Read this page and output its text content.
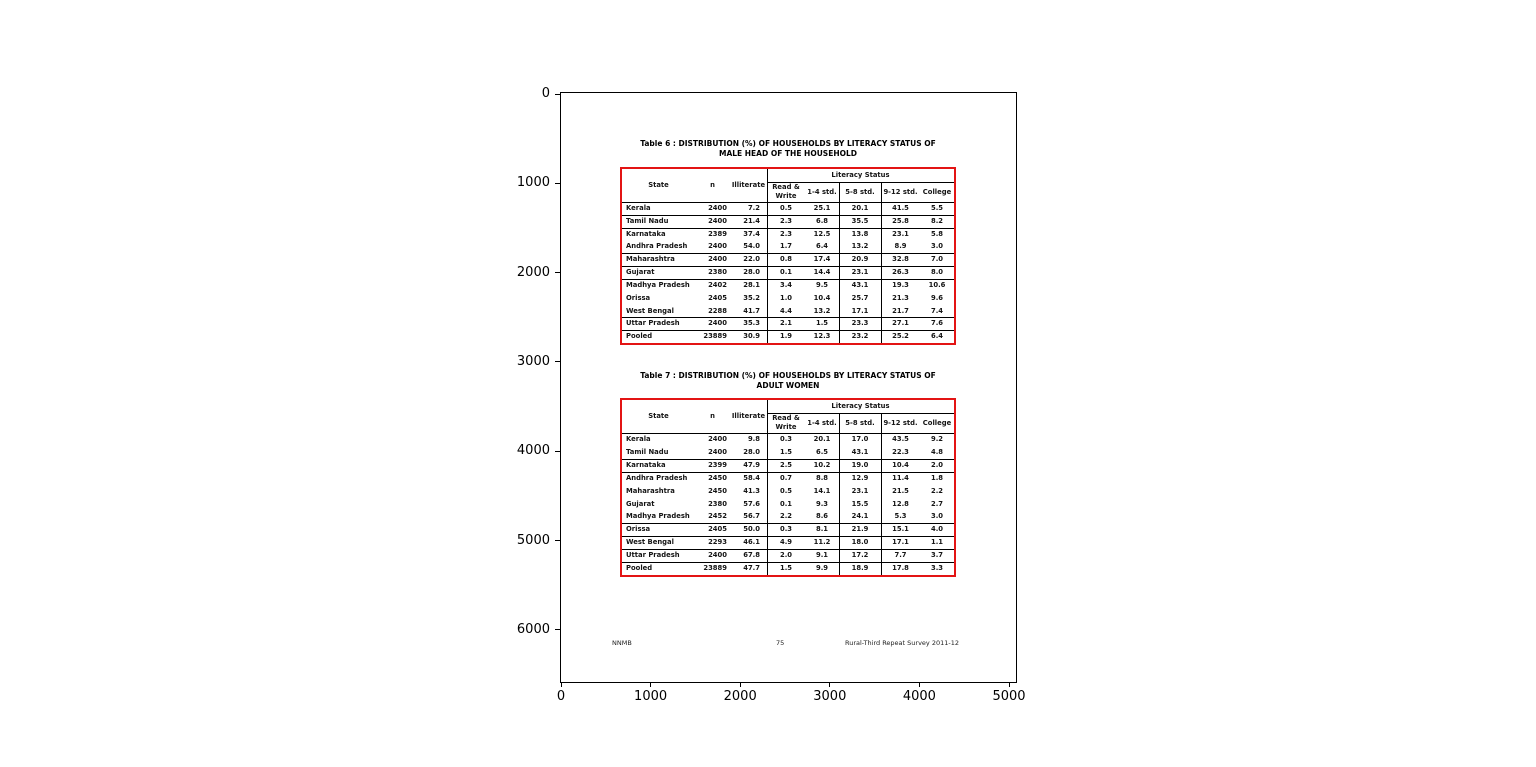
Table 6 : DISTRIBUTION (%) OF HOUSEHOLDS BY LITERACY STATUS OF
MALE HEAD OF THE HOUSEHOLD
Literacy Status
State	n	Illiterate	Read &
Write	1-4 std.	5-8 std.	9-12 std. College
Kerala	2400	7.2	0.5	25.1	20.1	41.5	5.5
Tamil Nadu	2400	21.4	2.3	6.8	35.5	25.8	8.2
Karnataka	2389	37.4	2.3	12.5	13.8	23.1	5.8
Andhra Pradesh	2400	54.0	1.7	6.4	13.2	8.9	3.0
Maharashtra	2400	22.0	0.8	17.4	20.9	32.8	7.0
Gujarat	2380	28.0	0.1	14.4	23.1	26.3	8.0
Madhya Pradesh	2402	28.1	3.4	9.5	43.1	19.3	10.6
Orissa	2405	35.2	1.0	10.4	25.7	21.3	9.6
West Bengal	2288	41.7	4.4	13.2	17.1	21.7	7.4
Uttar Pradesh	2400	35.3	2.1	1.5	23.3	27.1	7.6
Pooled	23889	30.9	1.9	12.3	23.2	25.2	6.4
Table 7 : DISTRIBUTION (%) OF HOUSEHOLDS BY LITERACY STATUS OF
ADULT WOMEN
Literacy Status
State	n	Illiterate	Read &
Write	1-4 std.	5-8 std.	9-12 std. College
Kerala	2400	9.8	0.3	20.1	17.0	43.5	9.2
Tamil Nadu	2400	28.0	1.5	6.5	43.1	22.3	4.8
Karnataka	2399	47.9	2.5	10.2	19.0	10.4	2.0
Andhra Pradesh	2450	58.4	0.7	8.8	12.9	11.4	1.8
Maharashtra	2450	41.3	0.5	14.1	23.1	21.5	2.2
Gujarat	2380	57.6	0.1	9.3	15.5	12.8	2.7
Madhya Pradesh	2452	56.7	2.2	8.6	24.1	5.3	3.0
Orissa	2405	50.0	0.3	8.1	21.9	15.1	4.0
West Bengal	2293	46.1	4.9	11.2	18.0	17.1	1.1
Uttar Pradesh	2400	67.8	2.0	9.1	17.2	7.7	3.7
Pooled	23889	47.7	1.5	9.9	18.9	17.8	3.3
NNMB	75	Rural-Third Repeat Survey 2011-12
0
1000
2000
3000
4000
5000
6000
0	1000	2000	3000	4000	5000
